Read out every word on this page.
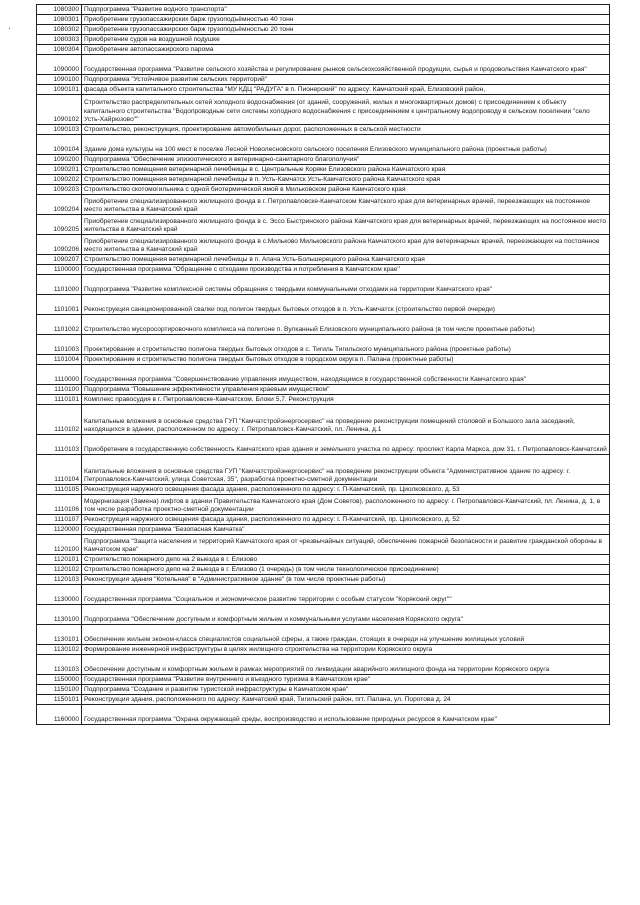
1080300	Подпрограмма "Развитие водного транспорта"
1080301	Приобретение грузопассажирских барж грузоподъёмностью 40 тонн
1080302	Приобретение грузопассажирских барж грузоподъёмностью 20 тонн
1080303	Приобретение судов на воздушной подушке
1080304	Приобретение автопассажирского парома
1090000	Государственная программа "Развитие сельского хозяйства и регулирование рынков сельскохозяйственной продукции, сырья и продовольствия Камчатского края"
1090100	Подпрограмма "Устойчивое развитие сельских территорий"
1090101	фасада объекта капитального строительства "МУ КДЦ "РАДУГА" в п. Пионерский" по адресу: Камчатский край, Елизовский район,
1090102	Строительство распределительных сетей холодного водоснабжения (от зданий, сооружений, жилых и многоквартирных домов) с присоединением к объекту капитального строительства "Водопроводные сети системы холодного водоснабжения с присоединением к центральному водопроводу в сельском поселении "село Усть-Хайрюзово""
1090103	Строительство, реконструкция, проектирование автомобильных дорог, расположенных в сельской местности
1090104	Здание дома культуры на 100 мест в поселке Лесной Новолесновского сельского поселения Елизовского муниципального района (проектные работы)
1090200	Подпрограмма "Обеспечение эпизоотического и ветеринарно-санитарного благополучия"
1090201	Строительство помещения ветеринарной лечебницы в с. Центральные Коряки Елизовского района Камчатского края
1090202	Строительство помещения ветеринарной лечебницы в п. Усть-Камчатск Усть-Камчатского района Камчатского края
1090203	Строительство скотомогильника с одной биотермической ямой в Мильковском районе Камчатского края
1090204	Приобретение специализированного жилищного фонда в г. Петропавловске-Камчатском Камчатского края для ветеринарных врачей, переезжающих на постоянное место жительства в Камчатский край
1090205	Приобретение специализированного жилищного фонда в с. Эссо Быстринского района Камчатского края для ветеринарных врачей, переезжающих на постоянное место жительства в Камчатский край
1090206	Приобретение специализированного жилищного фонда в с.Мильково Мильковского района Камчатского края для ветеринарных врачей, переезжающих на постоянное место жительства в Камчатский край
1090207	Строительство помещения ветеринарной лечебницы в п. Апача Усть-Большерецкого района Камчатского края
1100000	Государственная программа "Обращение с отходами производства и потребления в Камчатском крае"
1101000	Подпрограмма "Развитие комплексной системы обращения с твердыми коммунальными отходами на территории Камчатского края"
1101001	Реконструкция санкционированной свалки под полигон твердых бытовых отходов в п. Усть-Камчатск (строительство первой очереди)
1101002	Строительство мусоросортировочного комплекса на полигоне п. Вулканный Елизовского муниципального района (в том числе проектные работы)
1101003	Проектирование и строительство полигона твердых бытовых отходов в с. Тигиль Тигильского муниципального района (проектные работы)
1101004	Проектирование и строительство полигона твердых бытовых отходов в городском округа п. Палана (проектные работы)
1110000	Государственная программа "Совершенствование управления имуществом, находящимся в государственной собственности Камчатского края"
1110100	Подпрограмма "Повышение эффективности управления краевым имуществом"
1110101	Комплекс правосудия в г. Петропавловске-Камчатском. Блоки 5,7. Реконструкция
1110102	Капитальные вложения в основные средства ГУП "Камчатстройэнергосервис" на проведение реконструкции помещений столовой и Большого зала заседаний, находящихся в здании, расположенном по адресу: г. Петропавловск-Камчатский, пл. Ленина, д.1
1110103	Приобретение в государственную собственность Камчатского края здания и земельного участка по адресу: проспект Карла Маркса, дом 31, г. Петропавловск-Камчатский
1110104	Капитальные вложения в основные средства ГУП "Камчатстройэнергосервис" на проведение реконструкции объекта "Административное здание по адресу: г. Петропавловск-Камчатский, улица Советская, 35", разработка проектно-сметной документации
1110105	Реконструкция наружного освещения фасада здания, расположенного по адресу: г. П-Камчатский, пр. Циолковского, д. 53
1110106	Модернизация (Замена) лифтов в здании Правительства Камчатского края (Дом Советов), расположенного по адресу: г. Петропавловск-Камчатский, пл. Ленина, д. 1, в том числе разработка проектно-сметной документации
1110107	Реконструкция наружного освещения фасада здания, расположенного по адресу: г. П-Камчатский, пр. Циолковского, д. 52
1120000	Государственная программа "Безопасная Камчатка"
1120100	Подпрограмма "Защита населения и территорий Камчатского края от чрезвычайных ситуаций, обеспечение пожарной безопасности и развитие гражданской обороны в Камчатском крае"
1120101	Строительство пожарного депо на 2 выезда в г. Елизово
1120102	Строительство пожарного депо на 2 выезда в г. Елизово (1 очередь) (в том числе технологическое присоединение)
1120103	Реконструкция здания "Котельная" в "Административное здание" (в том числе проектные работы)
1130000	Государственная программа "Социальное и экономическое развитие территории с особым статусом "Корякский округ""
1130100	Подпрограмма "Обеспечение доступным и комфортным жильем и коммунальными услугами населения Корякского округа"
1130101	Обеспечение жильем эконом-класса специалистов социальной сферы, а также граждан, стоящих в очереди на улучшение жилищных условий
1130102	Формирование инженерной инфраструктуры в целях жилищного строительства на территории Корякского округа
1130103	Обеспечение доступным и комфортным жильем в рамках мероприятий по ликвидации аварийного жилищного фонда на территории Корякского округа
1150000	Государственная программа "Развитие внутреннего и въездного туризма в Камчатском крае"
1150100	Подпрограмма "Создание и развитие туристской инфраструктуры в Камчатском крае"
1150101	Реконструкция здания, расположенного по адресу: Камчатский край, Тигильский район, пгт. Палана, ул. Поротова д. 24
1160000	Государственная программа "Охрана окружающей среды, воспроизводство и использование природных ресурсов в Камчатском крае"
